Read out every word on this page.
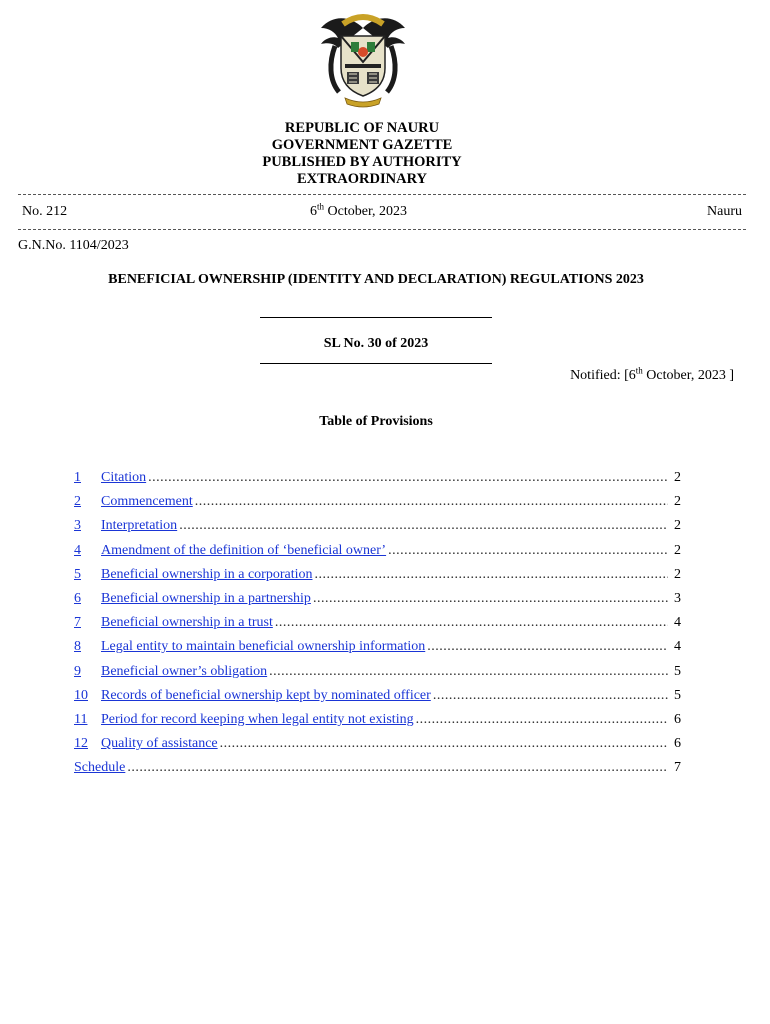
REPUBLIC OF NAURU
GOVERNMENT GAZETTE
PUBLISHED BY AUTHORITY
EXTRAORDINARY
No. 212	6th October, 2023	Nauru
G.N.No. 1104/2023
BENEFICIAL OWNERSHIP (IDENTITY AND DECLARATION) REGULATIONS 2023
SL No. 30 of 2023
Notified: [6th October, 2023 ]
Table of Provisions
1	Citation .....	2
2	Commencement .....	2
3	Interpretation .....	2
4	Amendment of the definition of ‘beneficial owner’ .....	2
5	Beneficial ownership in a corporation .....	2
6	Beneficial ownership in a partnership .....	3
7	Beneficial ownership in a trust .....	4
8	Legal entity to maintain beneficial ownership information .....	4
9	Beneficial owner’s obligation .....	5
10 Records of beneficial ownership kept by nominated officer .....	5
11 Period for record keeping when legal entity not existing .....	6
12 Quality of assistance .....	6
Schedule .....	7
